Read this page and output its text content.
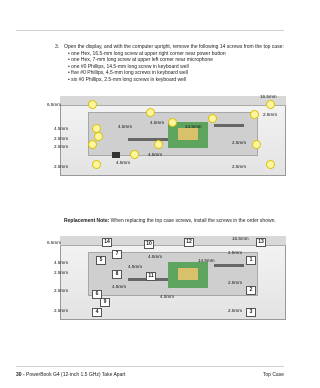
3. Open the display, and with the computer upright, remove the following 14 screws from the top case:
• one Hex, 16.5-mm long screw at upper right corner near power button
• one Hex, 7-mm long screw at upper left corner near microphone
• one #0 Phillips, 14.5-mm long screw in keyboard well
• five #0 Phillips, 4.5-mm long screws in keyboard well
• six #0 Phillips, 2.5-mm long screws in keyboard well
6.5mm
16.5mm
2.5mm
4.5mm	14.5mm
4.5mm
2.5mm
4.5mm
2.5mm
4.5mm
2.5mm
4.5mm
2.5mm
2.5mm
Replacement Note: When replacing the top case screws, install the screws in the order shown.
14	10	12	13
7
1
5
8	11
6
2
9
4	3
6.5mm
16.5mm
2.5mm
4.5mm	14.5mm
4.5mm
2.5mm
4.5mm
2.5mm
4.5mm
2.5mm
4.5mm
2.5mm
2.5mm
30 - PowerBook G4 (12-inch 1.5 GHz) Take Apart	Top Case
